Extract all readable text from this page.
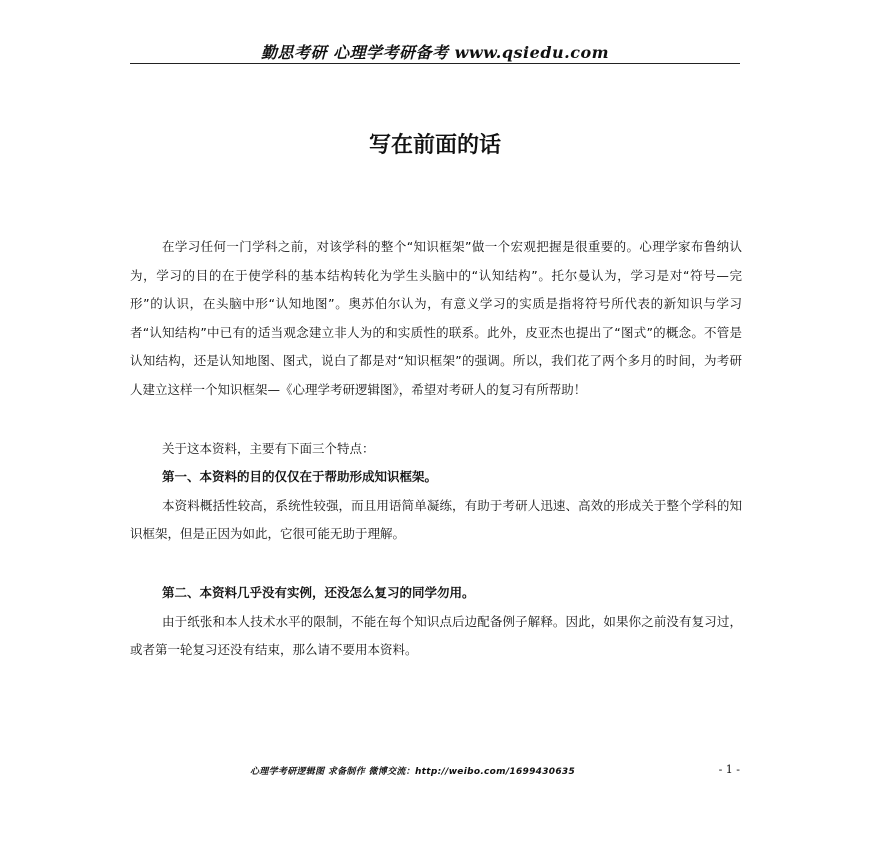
勤思考研 心理学考研备考 www.qsiedu.com
写在前面的话

在学习任何一门学科之前，对该学科的整个“知识框架”做一个宏观把握是很重要的。心理学家布鲁纳认为，学习的目的在于使学科的基本结构转化为学生头脑中的“认知结构”。托尔曼认为，学习是对“符号—完形”的认识，在头脑中形“认知地图”。奥苏伯尔认为，有意义学习的实质是指将符号所代表的新知识与学习者“认知结构”中已有的适当观念建立非人为的和实质性的联系。此外，皮亚杰也提出了“图式”的概念。不管是认知结构，还是认知地图、图式，说白了都是对“知识框架”的强调。所以，我们花了两个多月的时间，为考研人建立这样一个知识框架—《心理学考研逻辑图》，希望对考研人的复习有所帮助！

关于这本资料，主要有下面三个特点：

第一、本资料的目的仅仅在于帮助形成知识框架。

本资料概括性较高，系统性较强，而且用语简单凝练，有助于考研人迅速、高效的形成关于整个学科的知识框架，但是正因为如此，它很可能无助于理解。

第二、本资料几乎没有实例，还没怎么复习的同学勿用。

由于纸张和本人技术水平的限制，不能在每个知识点后边配备例子解释。因此，如果你之前没有复习过，或者第一轮复习还没有结束，那么请不要用本资料。

心理学考研逻辑图 求备制作 微博交流：http://weibo.com/1699430635	- 1 -
